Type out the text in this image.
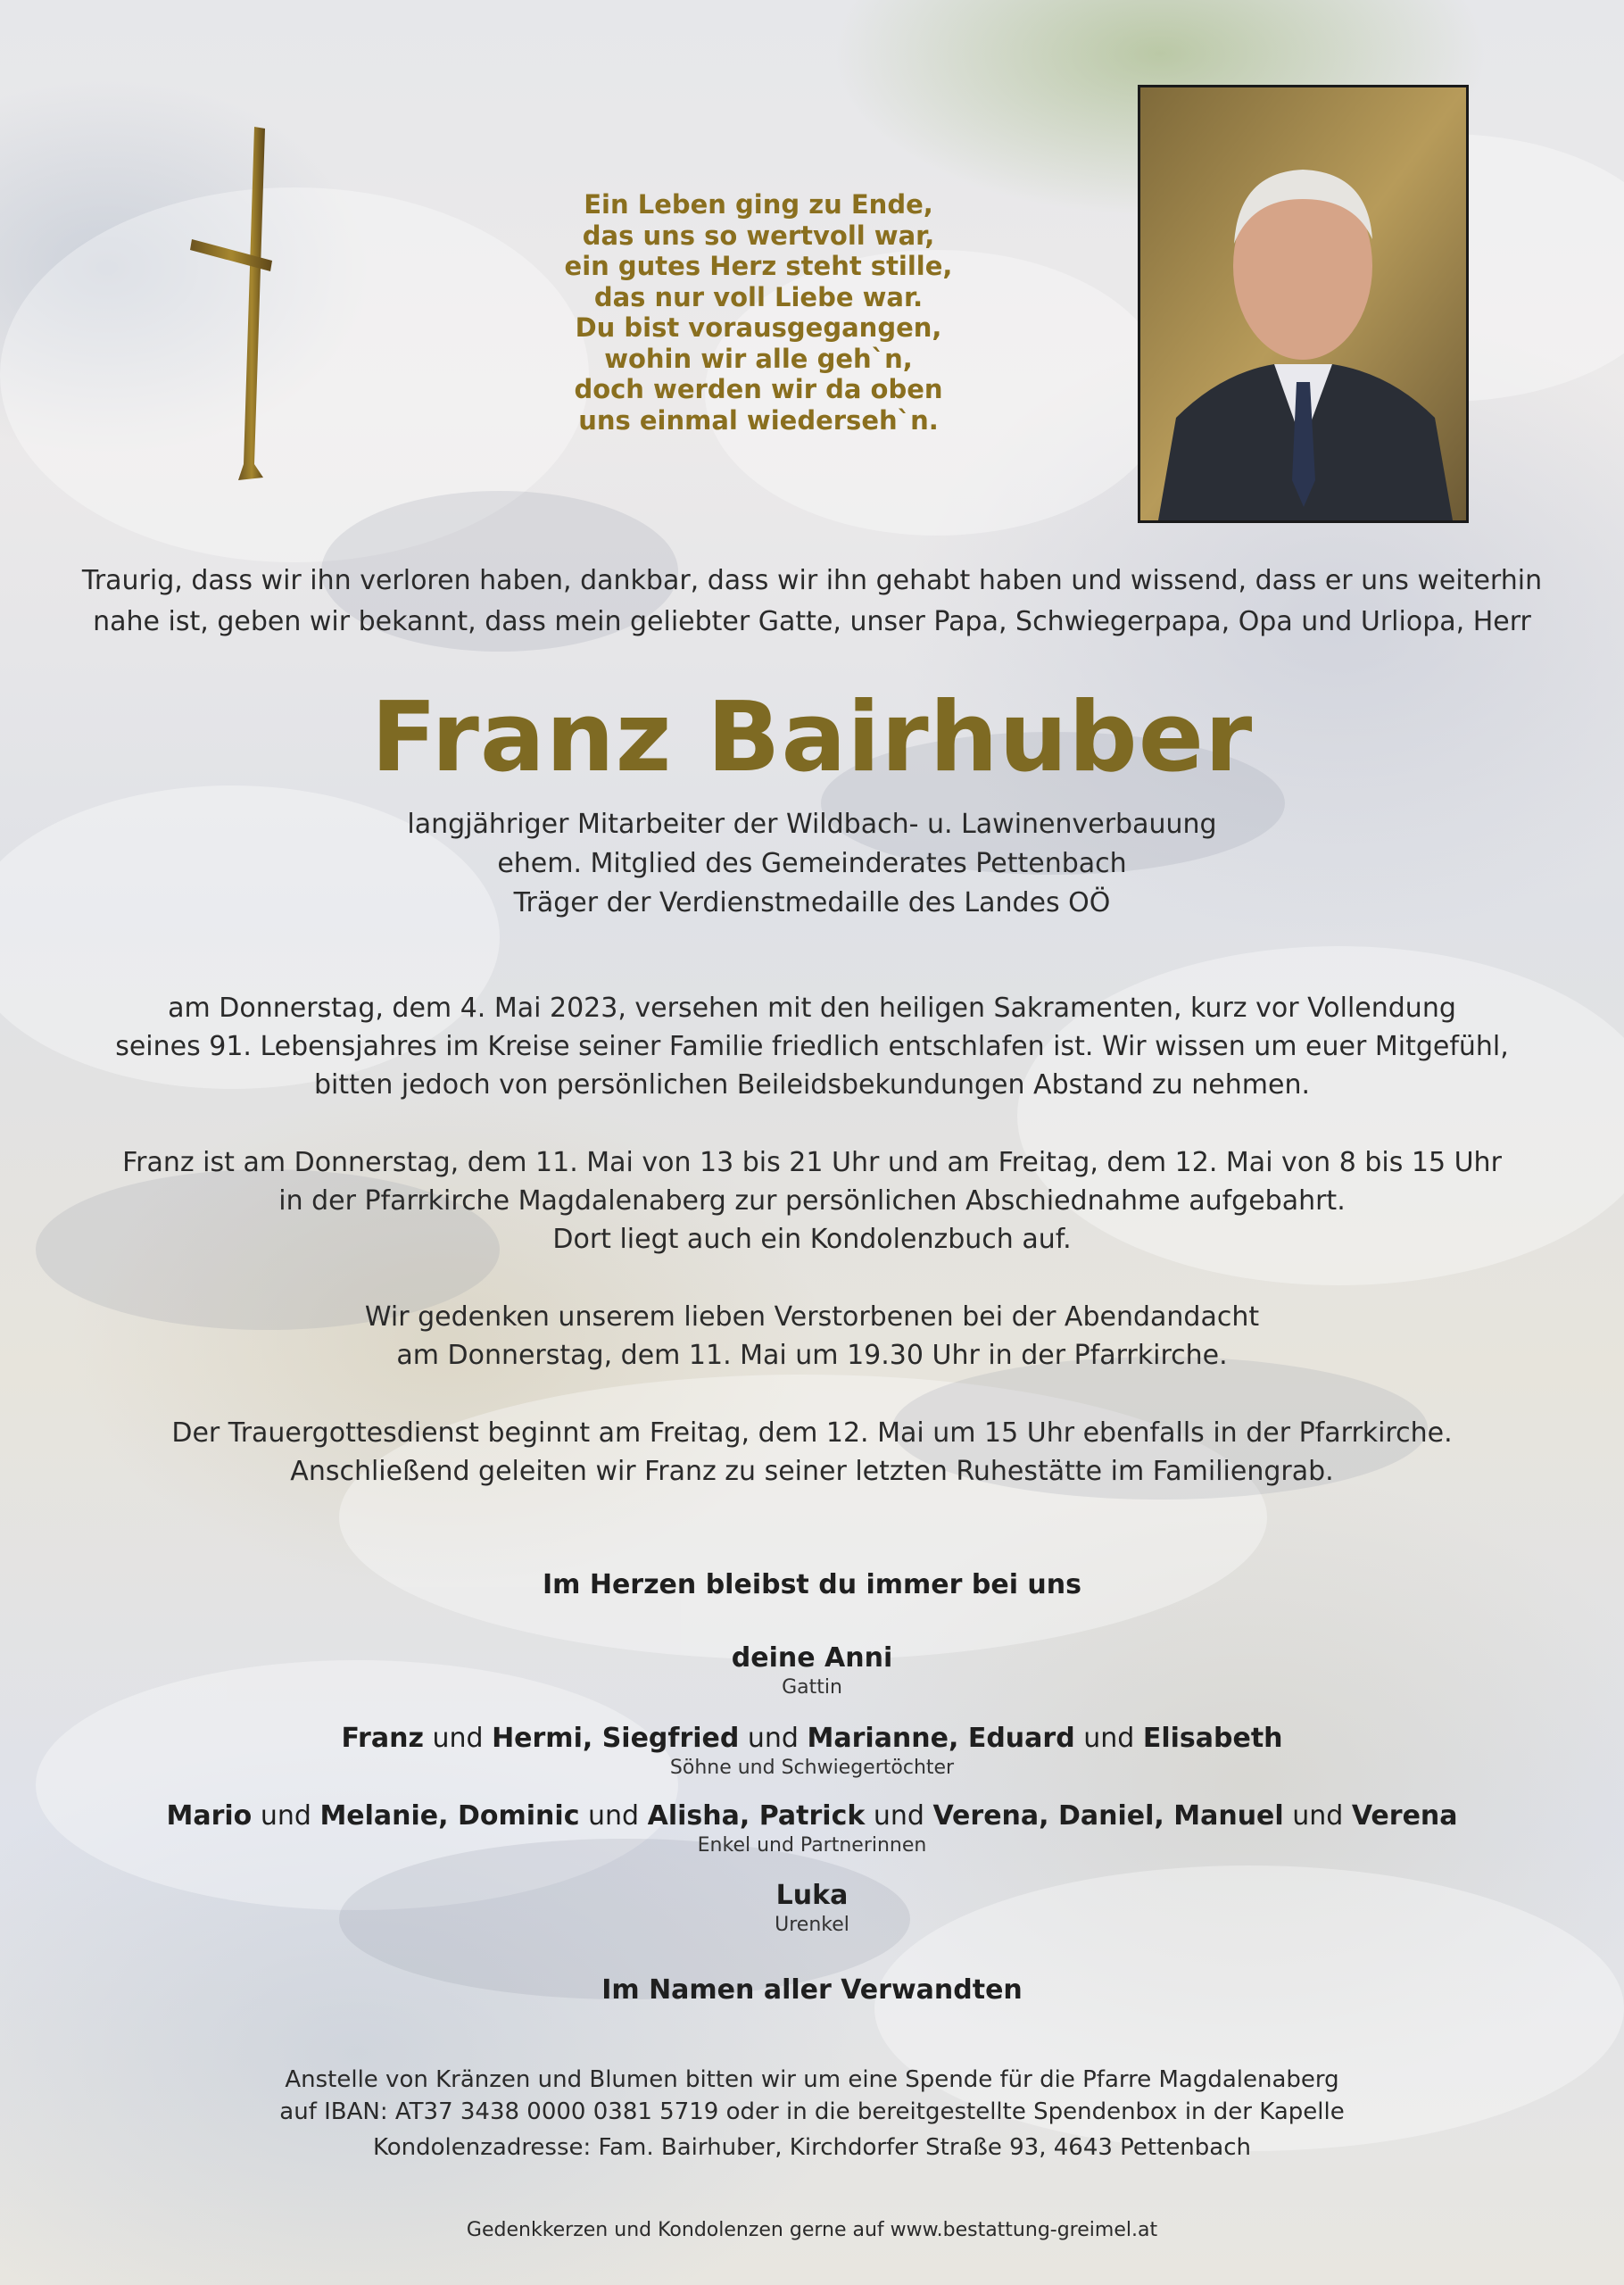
Ein Leben ging zu Ende,
das uns so wertvoll war,
ein gutes Herz steht stille,
das nur voll Liebe war.
Du bist vorausgegangen,
wohin wir alle geh`n,
doch werden wir da oben
uns einmal wiederseh`n.
Traurig, dass wir ihn verloren haben, dankbar, dass wir ihn gehabt haben und wissend, dass er uns weiterhin
nahe ist, geben wir bekannt, dass mein geliebter Gatte, unser Papa, Schwiegerpapa, Opa und Urliopa, Herr
Franz Bairhuber
langjähriger Mitarbeiter der Wildbach- u. Lawinenverbauung
ehem. Mitglied des Gemeinderates Pettenbach
Träger der Verdienstmedaille des Landes OÖ
am Donnerstag, dem 4. Mai 2023, versehen mit den heiligen Sakramenten, kurz vor Vollendung
seines 91. Lebensjahres im Kreise seiner Familie friedlich entschlafen ist. Wir wissen um euer Mitgefühl,
bitten jedoch von persönlichen Beileidsbekundungen Abstand zu nehmen.
Franz ist am Donnerstag, dem 11. Mai von 13 bis 21 Uhr und am Freitag, dem 12. Mai von 8 bis 15 Uhr
in der Pfarrkirche Magdalenaberg zur persönlichen Abschiednahme aufgebahrt.
Dort liegt auch ein Kondolenzbuch auf.
Wir gedenken unserem lieben Verstorbenen bei der Abendandacht
am Donnerstag, dem 11. Mai um 19.30 Uhr in der Pfarrkirche.
Der Trauergottesdienst beginnt am Freitag, dem 12. Mai um 15 Uhr ebenfalls in der Pfarrkirche.
Anschließend geleiten wir Franz zu seiner letzten Ruhestätte im Familiengrab.
Im Herzen bleibst du immer bei uns
deine Anni
Gattin
Franz und Hermi, Siegfried und Marianne, Eduard und Elisabeth
Söhne und Schwiegertöchter
Mario und Melanie, Dominic und Alisha, Patrick und Verena, Daniel, Manuel und Verena
Enkel und Partnerinnen
Luka
Urenkel
Im Namen aller Verwandten
Anstelle von Kränzen und Blumen bitten wir um eine Spende für die Pfarre Magdalenaberg
auf IBAN: AT37 3438 0000 0381 5719 oder in die bereitgestellte Spendenbox in der Kapelle
Kondolenzadresse: Fam. Bairhuber, Kirchdorfer Straße 93, 4643 Pettenbach
Gedenkkerzen und Kondolenzen gerne auf www.bestattung-greimel.at
